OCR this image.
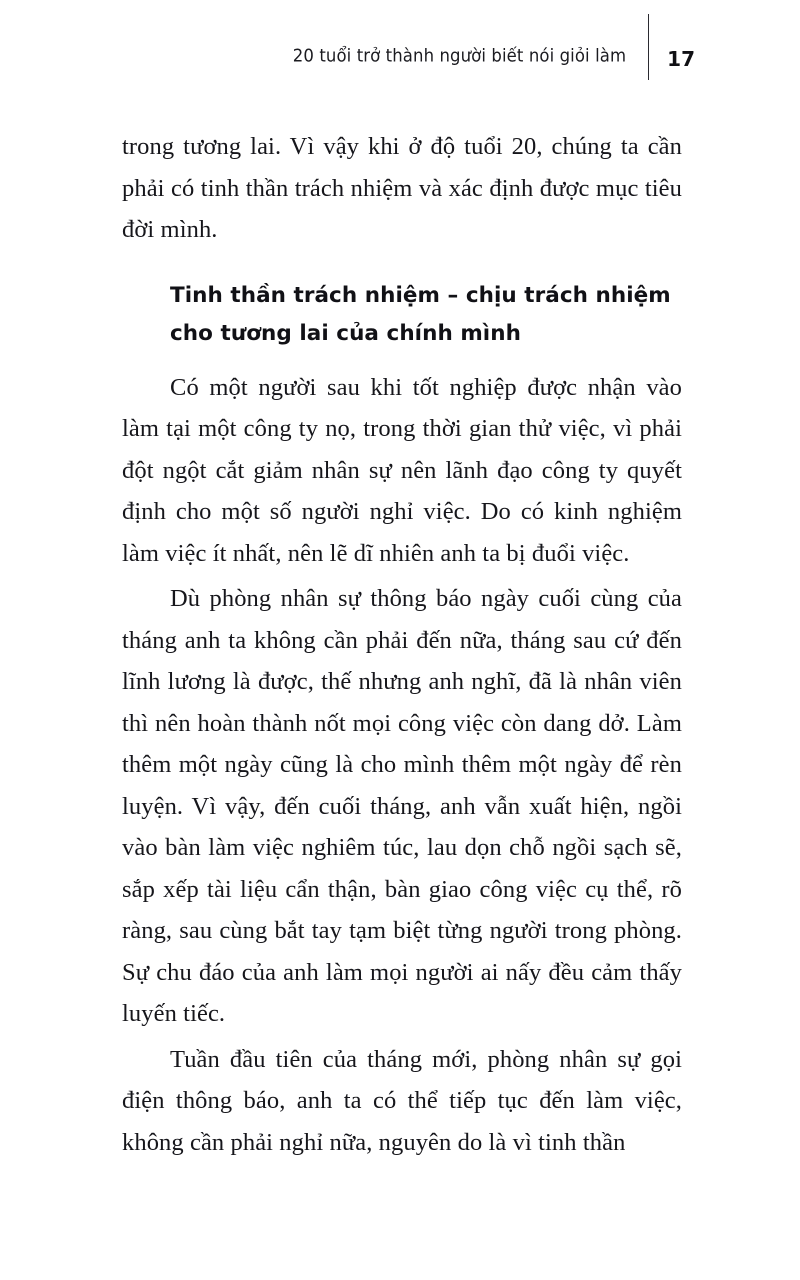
20 tuổi trở thành người biết nói giỏi làm 17

trong tương lai. Vì vậy khi ở độ tuổi 20, chúng ta cần phải có tinh thần trách nhiệm và xác định được mục tiêu đời mình.

Tinh thần trách nhiệm – chịu trách nhiệm cho tương lai của chính mình

Có một người sau khi tốt nghiệp được nhận vào làm tại một công ty nọ, trong thời gian thử việc, vì phải đột ngột cắt giảm nhân sự nên lãnh đạo công ty quyết định cho một số người nghỉ việc. Do có kinh nghiệm làm việc ít nhất, nên lẽ dĩ nhiên anh ta bị đuổi việc.

Dù phòng nhân sự thông báo ngày cuối cùng của tháng anh ta không cần phải đến nữa, tháng sau cứ đến lĩnh lương là được, thế nhưng anh nghĩ, đã là nhân viên thì nên hoàn thành nốt mọi công việc còn dang dở. Làm thêm một ngày cũng là cho mình thêm một ngày để rèn luyện. Vì vậy, đến cuối tháng, anh vẫn xuất hiện, ngồi vào bàn làm việc nghiêm túc, lau dọn chỗ ngồi sạch sẽ, sắp xếp tài liệu cẩn thận, bàn giao công việc cụ thể, rõ ràng, sau cùng bắt tay tạm biệt từng người trong phòng. Sự chu đáo của anh làm mọi người ai nấy đều cảm thấy luyến tiếc.

Tuần đầu tiên của tháng mới, phòng nhân sự gọi điện thông báo, anh ta có thể tiếp tục đến làm việc, không cần phải nghỉ nữa, nguyên do là vì tinh thần
